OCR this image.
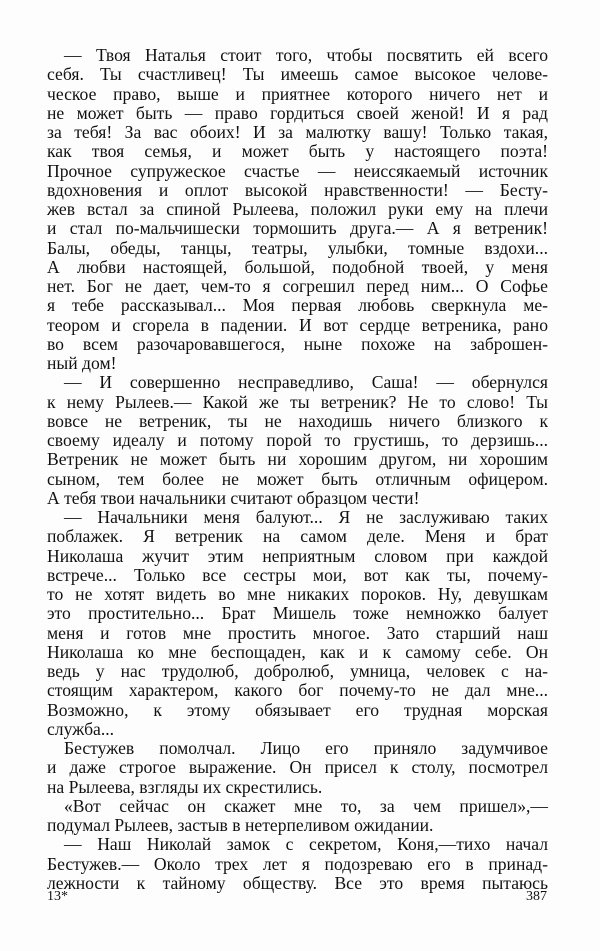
— Твоя Наталья стоит того, чтобы посвятить ей всего
себя. Ты счастливец! Ты имеешь самое высокое челове-
ческое право, выше и приятнее которого ничего нет и
не может быть — право гордиться своей женой! И я рад
за тебя! За вас обоих! И за малютку вашу! Только такая,
как твоя семья, и может быть у настоящего поэта!
Прочное супружеское счастье — неиссякаемый источник
вдохновения и оплот высокой нравственности! — Бесту-
жев встал за спиной Рылеева, положил руки ему на плечи
и стал по-мальчишески тормошить друга.— А я ветреник!
Балы, обеды, танцы, театры, улыбки, томные вздохи...
А любви настоящей, большой, подобной твоей, у меня
нет. Бог не дает, чем-то я согрешил перед ним... О Софье
я тебе рассказывал... Моя первая любовь сверкнула ме-
теором и сгорела в падении. И вот сердце ветреника, рано
во всем разочаровавшегося, ныне похоже на заброшен-
ный дом!
— И совершенно несправедливо, Саша! — обернулся
к нему Рылеев.— Какой же ты ветреник? Не то слово! Ты
вовсе не ветреник, ты не находишь ничего близкого к
своему идеалу и потому порой то грустишь, то дерзишь...
Ветреник не может быть ни хорошим другом, ни хорошим
сыном, тем более не может быть отличным офицером.
А тебя твои начальники считают образцом чести!
— Начальники меня балуют... Я не заслуживаю таких
поблажек. Я ветреник на самом деле. Меня и брат
Николаша жучит этим неприятным словом при каждой
встрече... Только все сестры мои, вот как ты, почему-
то не хотят видеть во мне никаких пороков. Ну, девушкам
это простительно... Брат Мишель тоже немножко балует
меня и готов мне простить многое. Зато старший наш
Николаша ко мне беспощаден, как и к самому себе. Он
ведь у нас трудолюб, добролюб, умница, человек с на-
стоящим характером, какого бог почему-то не дал мне...
Возможно, к этому обязывает его трудная морская
служба...
Бестужев помолчал. Лицо его приняло задумчивое
и даже строгое выражение. Он присел к столу, посмотрел
на Рылеева, взгляды их скрестились.
«Вот сейчас он скажет мне то, за чем пришел»,—
подумал Рылеев, застыв в нетерпеливом ожидании.
— Наш Николай замок с секретом, Коня,—тихо начал
Бестужев.— Около трех лет я подозреваю его в принад-
лежности к тайному обществу. Все это время пытаюсь
13*	387
